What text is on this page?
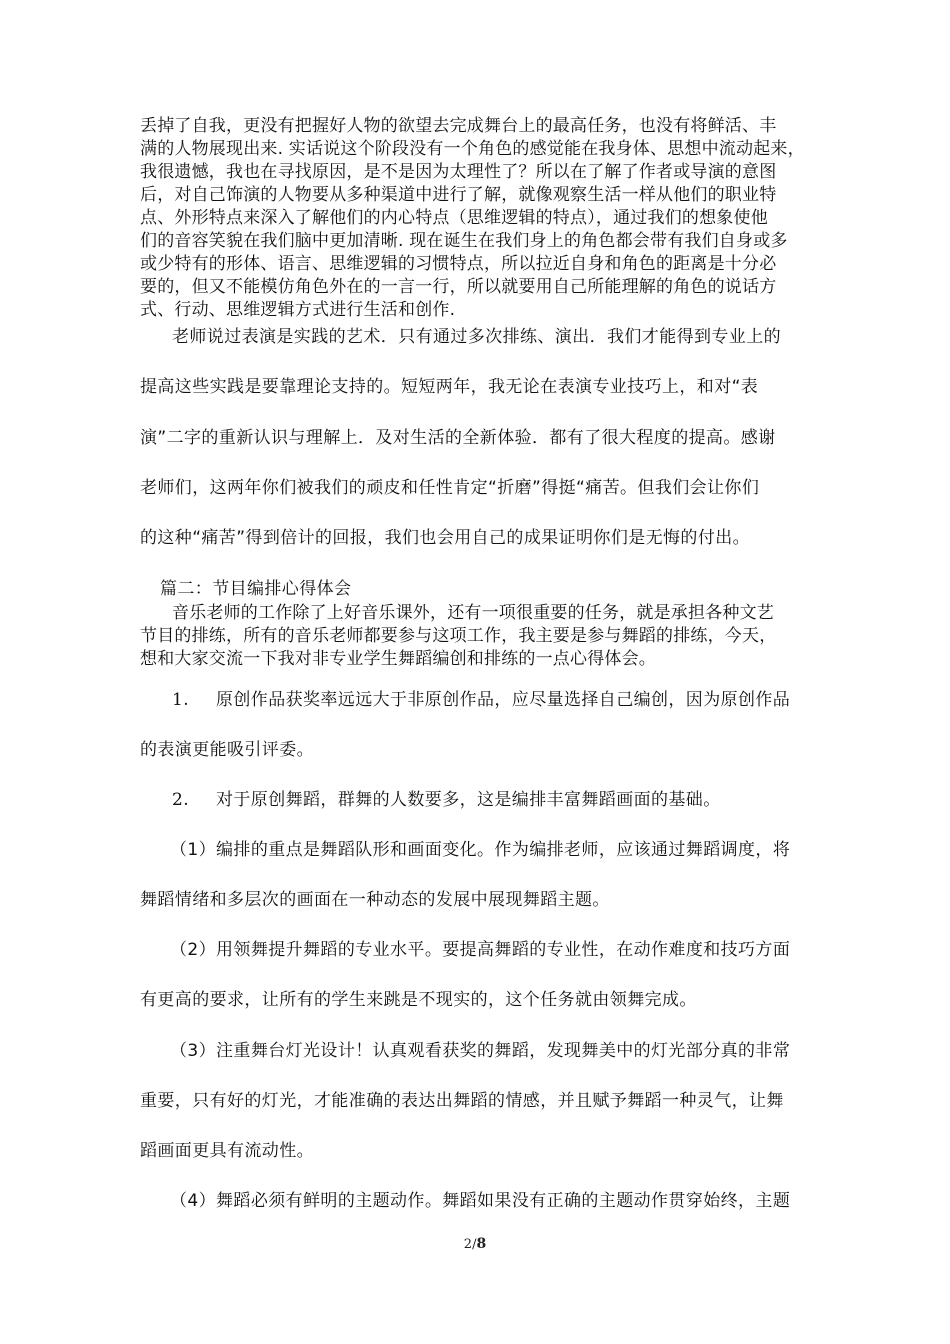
丢掉了自我，更没有把握好人物的欲望去完成舞台上的最高任务，也没有将鲜活、丰

满的人物展现出来. 实话说这个阶段没有一个角色的感觉能在我身体、思想中流动起来，

我很遗憾，我也在寻找原因，是不是因为太理性了？所以在了解了作者或导演的意图

后，对自己饰演的人物要从多种渠道中进行了解，就像观察生活一样从他们的职业特

点、外形特点来深入了解他们的内心特点（思维逻辑的特点），通过我们的想象使他

们的音容笑貌在我们脑中更加清晰. 现在诞生在我们身上的角色都会带有我们自身或多

或少特有的形体、语言、思维逻辑的习惯特点，所以拉近自身和角色的距离是十分必

要的，但又不能模仿角色外在的一言一行，所以就要用自己所能理解的角色的说话方

式、行动、思维逻辑方式进行生活和创作.

老师说过表演是实践的艺术．只有通过多次排练、演出．我们才能得到专业上的
提高这些实践是要靠理论支持的。短短两年，我无论在表演专业技巧上，和对“表
演”二字的重新认识与理解上．及对生活的全新体验．都有了很大程度的提高。感谢
老师们，这两年你们被我们的顽皮和任性肯定“折磨”得挺“痛苦。但我们会让你们
的这种“痛苦”得到倍计的回报，我们也会用自己的成果证明你们是无悔的付出。
篇二：节目编排心得体会

音乐老师的工作除了上好音乐课外，还有一项很重要的任务，就是承担各种文艺

节目的排练，所有的音乐老师都要参与这项工作，我主要是参与舞蹈的排练，今天，

想和大家交流一下我对非专业学生舞蹈编创和排练的一点心得体会。

1. 原创作品获奖率远远大于非原创作品，应尽量选择自己编创，因为原创作品
的表演更能吸引评委。
2. 对于原创舞蹈，群舞的人数要多，这是编排丰富舞蹈画面的基础。
（1）编排的重点是舞蹈队形和画面变化。作为编排老师，应该通过舞蹈调度，将
舞蹈情绪和多层次的画面在一种动态的发展中展现舞蹈主题。
（2）用领舞提升舞蹈的专业水平。要提高舞蹈的专业性，在动作难度和技巧方面
有更高的要求，让所有的学生来跳是不现实的，这个任务就由领舞完成。
（3）注重舞台灯光设计！认真观看获奖的舞蹈，发现舞美中的灯光部分真的非常
重要，只有好的灯光，才能准确的表达出舞蹈的情感，并且赋予舞蹈一种灵气，让舞
蹈画面更具有流动性。
（4）舞蹈必须有鲜明的主题动作。舞蹈如果没有正确的主题动作贯穿始终，主题
2/8
